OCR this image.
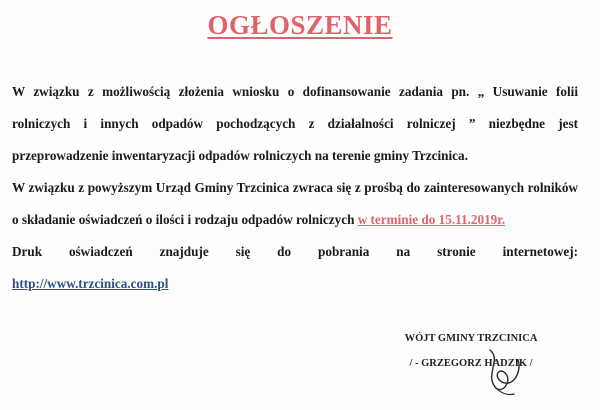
OGŁOSZENIE

W związku z możliwością złożenia wniosku o dofinansowanie zadania pn. „ Usuwanie folii rolniczych i innych odpadów pochodzących z działalności rolniczej ” niezbędne jest przeprowadzenie inwentaryzacji odpadów rolniczych na terenie gminy Trzcinica.

W związku z powyższym Urząd Gminy Trzcinica zwraca się z prośbą do zainteresowanych rolników o składanie oświadczeń o ilości i rodzaju odpadów rolniczych w terminie do 15.11.2019r.

Druk oświadczeń znajduje się do pobrania na stronie internetowej:

http://www.trzcinica.com.pl

WÓJT GMINY TRZCINICA
/ - GRZEGORZ HADZIK /
